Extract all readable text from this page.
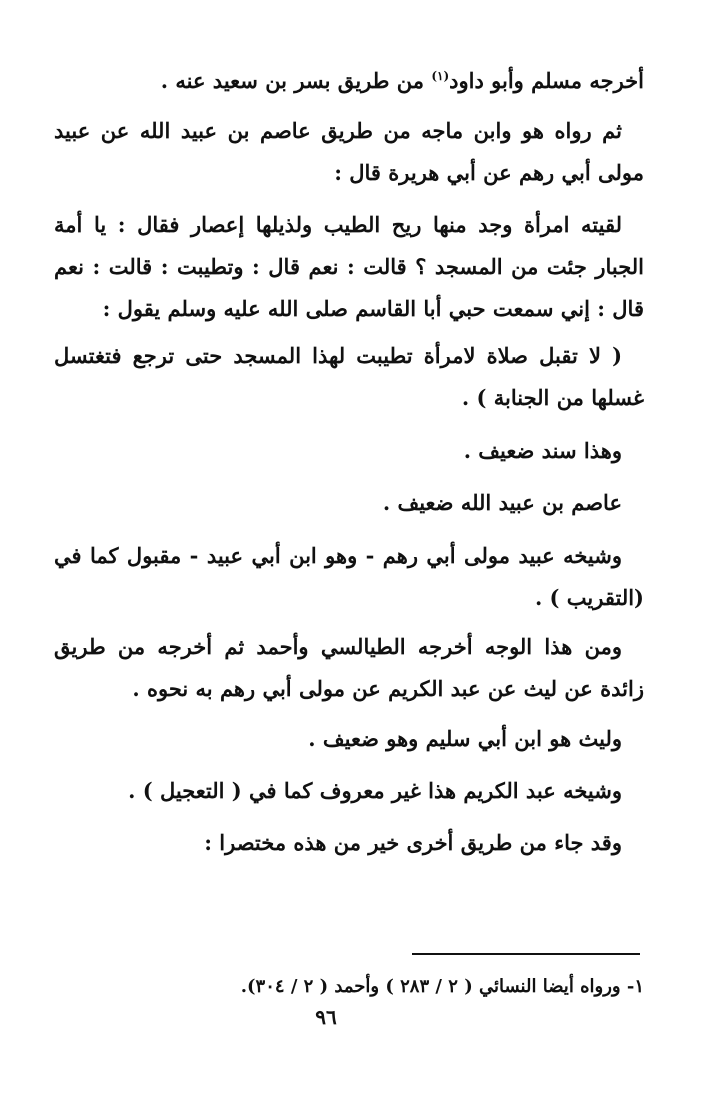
أخرجه مسلم وأبو داود$^{(١)}$ من طريق بسر بن سعيد عنه .
ثم رواه هو وابن ماجه من طريق عاصم بن عبيد الله عن عبيد مولى أبي رهم عن أبي هريرة قال :
لقيته امرأة وجد منها ريح الطيب ولذيلها إعصار فقال : يا أمة الجبار جئت من المسجد ؟ قالت : نعم قال : وتطيبت : قالت : نعم قال : إني سمعت حبي أبا القاسم صلى الله عليه وسلم يقول :
( لا تقبل صلاة لامرأة تطيبت لهذا المسجد حتى ترجع فتغتسل غسلها من الجنابة ) .
وهذا سند ضعيف .
عاصم بن عبيد الله ضعيف .
وشيخه عبيد مولى أبي رهم - وهو ابن أبي عبيد - مقبول كما في (التقريب ) .
ومن هذا الوجه أخرجه الطيالسي وأحمد ثم أخرجه من طريق زائدة عن ليث عن عبد الكريم عن مولى أبي رهم به نحوه .
وليث هو ابن أبي سليم وهو ضعيف .
وشيخه عبد الكريم هذا غير معروف كما في ( التعجيل ) .
وقد جاء من طريق أخرى خير من هذه مختصرا :
١- ورواه أيضا النسائي ( ٢ / ٢٨٣ ) وأحمد ( ٢ / ٣٠٤).
٩٦
